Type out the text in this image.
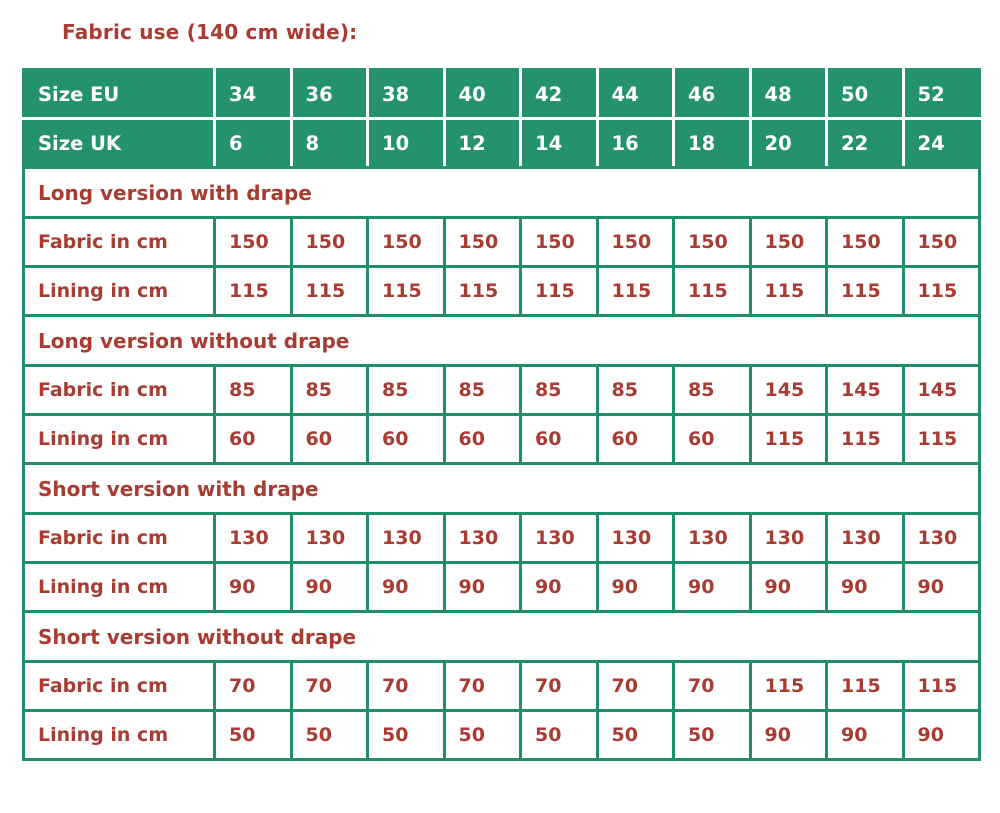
Fabric use (140 cm wide):
Size EU	34	36	38	40	42	44	46	48	50	52
Size UK	6	8	10	12	14	16	18	20	22	24
Long version with drape										
Fabric in cm	150	150	150	150	150	150	150	150	150	150
Lining in cm	115	115	115	115	115	115	115	115	115	115
Long version without drape										
Fabric in cm	85	85	85	85	85	85	85	145	145	145
Lining in cm	60	60	60	60	60	60	60	115	115	115
Short version with drape										
Fabric in cm	130	130	130	130	130	130	130	130	130	130
Lining in cm	90	90	90	90	90	90	90	90	90	90
Short version without drape										
Fabric in cm	70	70	70	70	70	70	70	115	115	115
Lining in cm	50	50	50	50	50	50	50	90	90	90
